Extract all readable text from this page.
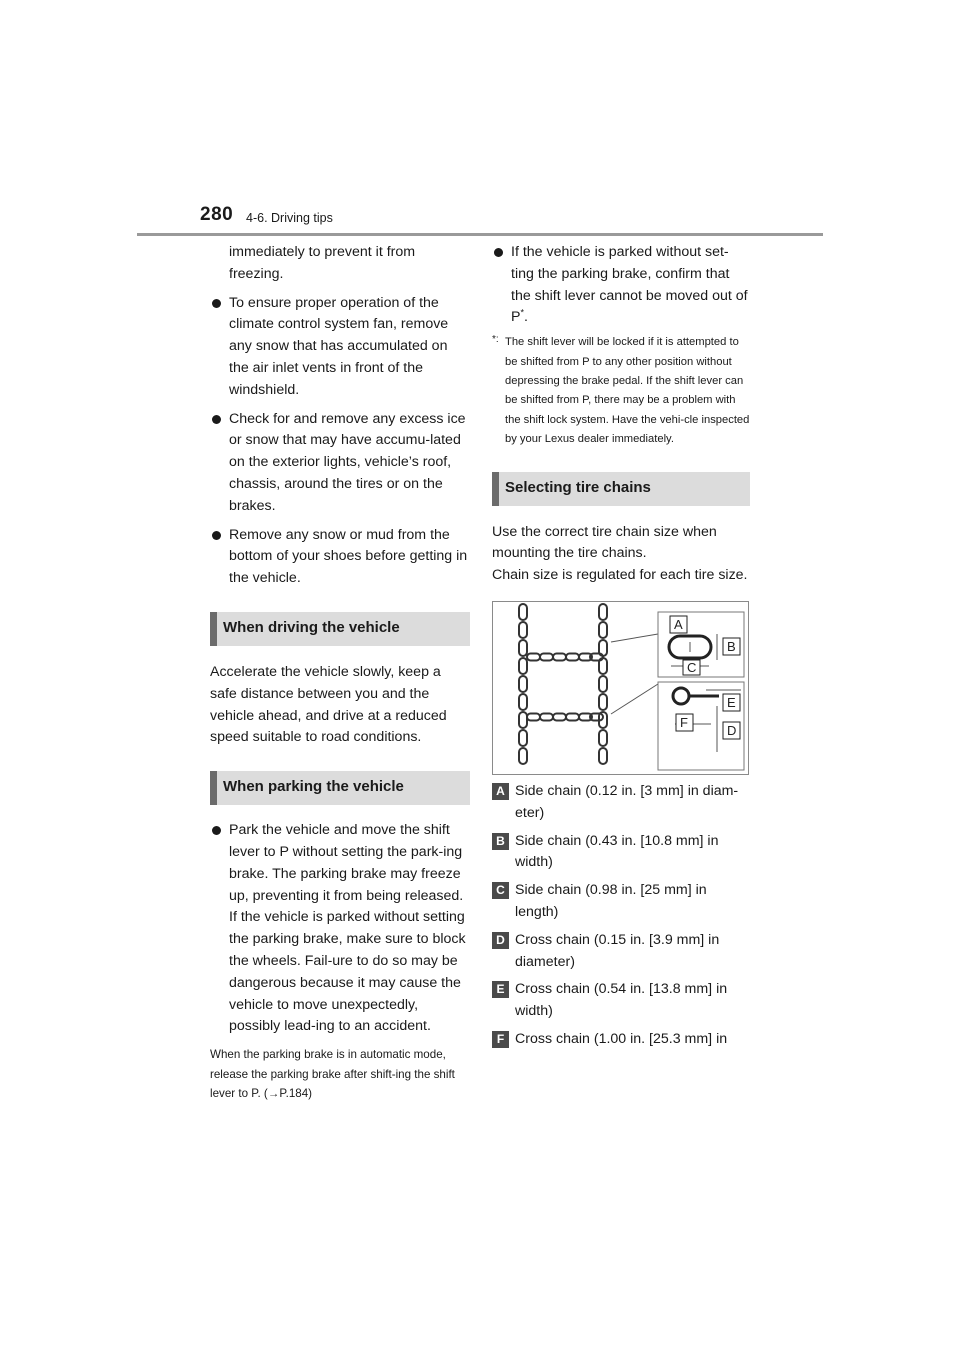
280 4-6. Driving tips
immediately to prevent it from freezing.
To ensure proper operation of the climate control system fan, remove any snow that has accumulated on the air inlet vents in front of the windshield.
Check for and remove any excess ice or snow that may have accumu-lated on the exterior lights, vehicle’s roof, chassis, around the tires or on the brakes.
Remove any snow or mud from the bottom of your shoes before getting in the vehicle.
When driving the vehicle
Accelerate the vehicle slowly, keep a safe distance between you and the vehicle ahead, and drive at a reduced speed suitable to road conditions.
When parking the vehicle
Park the vehicle and move the shift lever to P without setting the park-ing brake. The parking brake may freeze up, preventing it from being released. If the vehicle is parked without setting the parking brake, make sure to block the wheels. Fail-ure to do so may be dangerous because it may cause the vehicle to move unexpectedly, possibly lead-ing to an accident.
When the parking brake is in automatic mode, release the parking brake after shift-ing the shift lever to P. (→P.184)
If the vehicle is parked without set-ting the parking brake, confirm that the shift lever cannot be moved out of P*.
*: The shift lever will be locked if it is attempted to be shifted from P to any other position without depressing the brake pedal. If the shift lever can be shifted from P, there may be a problem with the shift lock system. Have the vehi-cle inspected by your Lexus dealer immediately.
Selecting tire chains
Use the correct tire chain size when mounting the tire chains.
Chain size is regulated for each tire size.
A
B
C
E
F
D
A Side chain (0.12 in. [3 mm] in diam-eter)
B Side chain (0.43 in. [10.8 mm] in width)
C Side chain (0.98 in. [25 mm] in length)
D Cross chain (0.15 in. [3.9 mm] in diameter)
E Cross chain (0.54 in. [13.8 mm] in width)
F Cross chain (1.00 in. [25.3 mm] in
